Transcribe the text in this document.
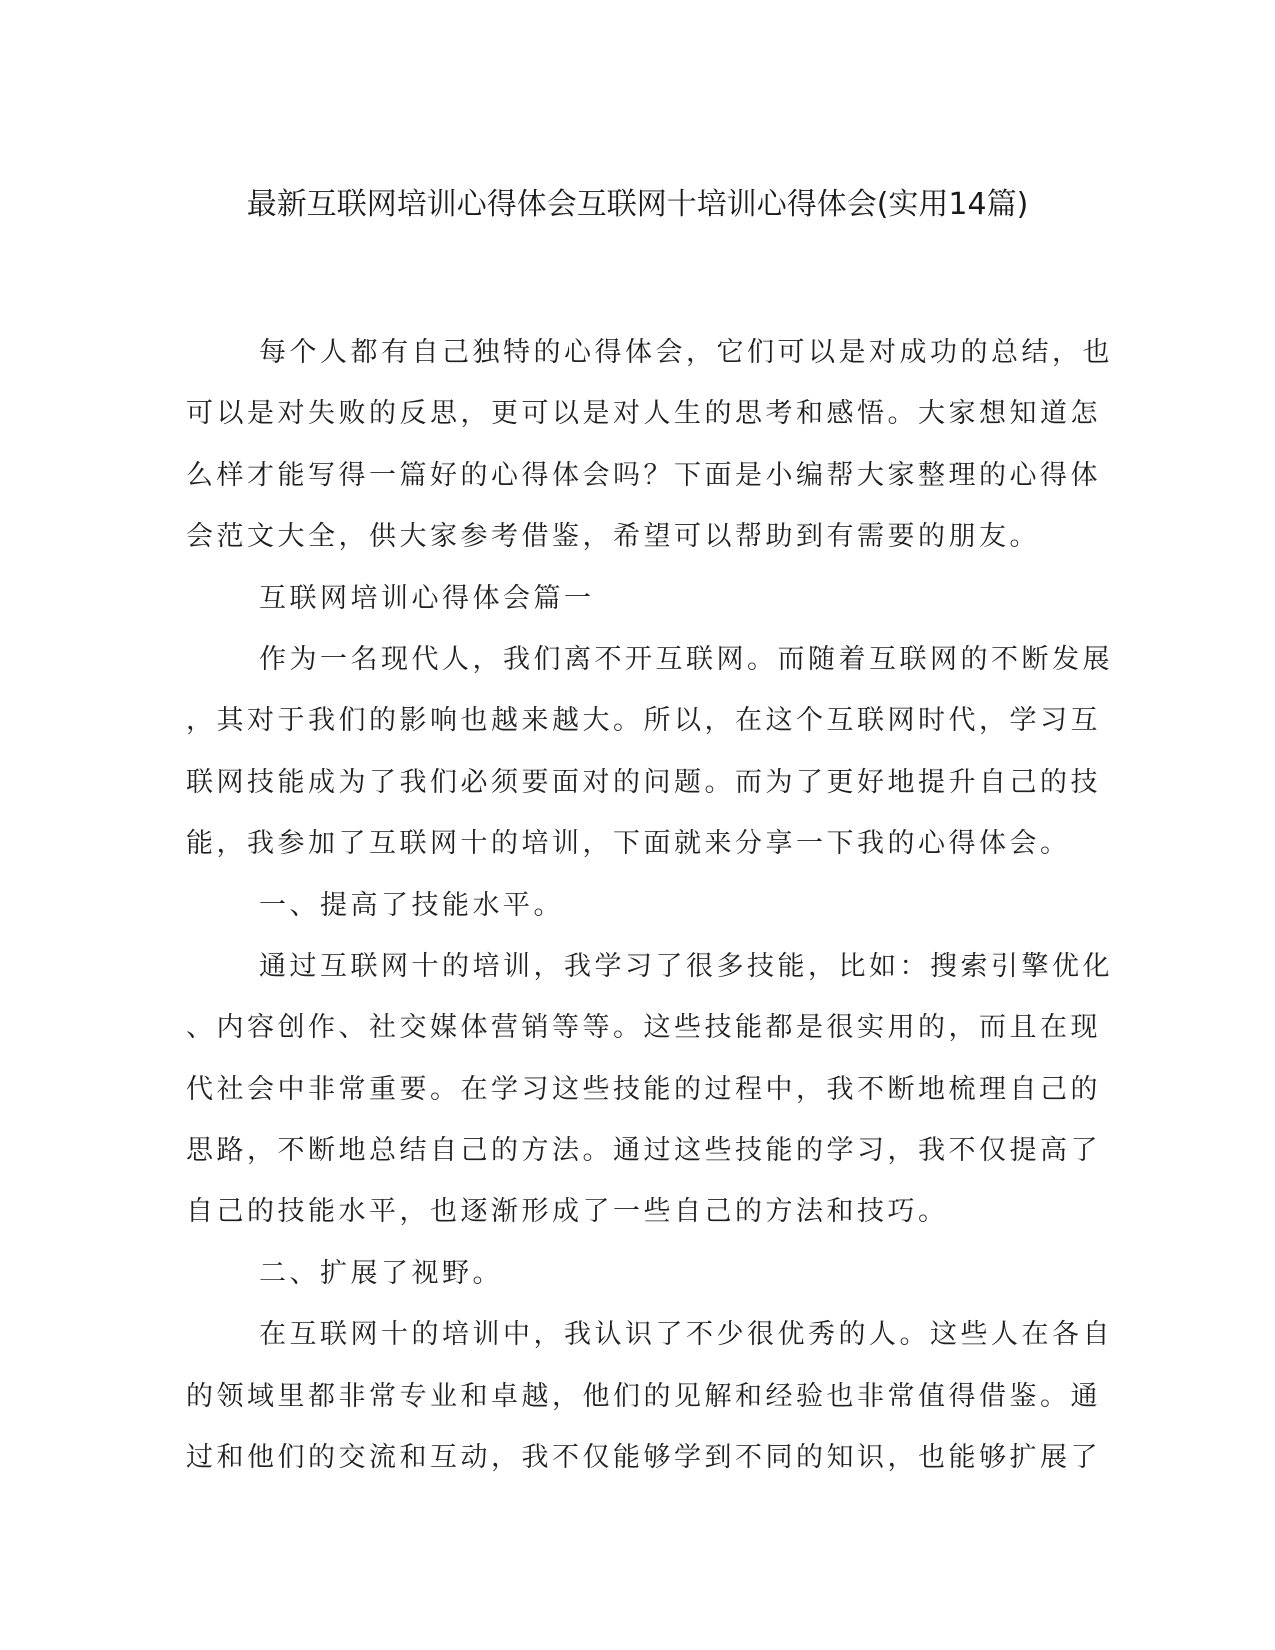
最新互联网培训心得体会互联网十培训心得体会(实用14篇)
每个人都有自己独特的心得体会，它们可以是对成功的总结，也
可以是对失败的反思，更可以是对人生的思考和感悟。大家想知道怎
么样才能写得一篇好的心得体会吗？下面是小编帮大家整理的心得体
会范文大全，供大家参考借鉴，希望可以帮助到有需要的朋友。
互联网培训心得体会篇一
作为一名现代人，我们离不开互联网。而随着互联网的不断发展
，其对于我们的影响也越来越大。所以，在这个互联网时代，学习互
联网技能成为了我们必须要面对的问题。而为了更好地提升自己的技
能，我参加了互联网十的培训，下面就来分享一下我的心得体会。
一、提高了技能水平。
通过互联网十的培训，我学习了很多技能，比如：搜索引擎优化
、内容创作、社交媒体营销等等。这些技能都是很实用的，而且在现
代社会中非常重要。在学习这些技能的过程中，我不断地梳理自己的
思路，不断地总结自己的方法。通过这些技能的学习，我不仅提高了
自己的技能水平，也逐渐形成了一些自己的方法和技巧。
二、扩展了视野。
在互联网十的培训中，我认识了不少很优秀的人。这些人在各自
的领域里都非常专业和卓越，他们的见解和经验也非常值得借鉴。通
过和他们的交流和互动，我不仅能够学到不同的知识，也能够扩展了
